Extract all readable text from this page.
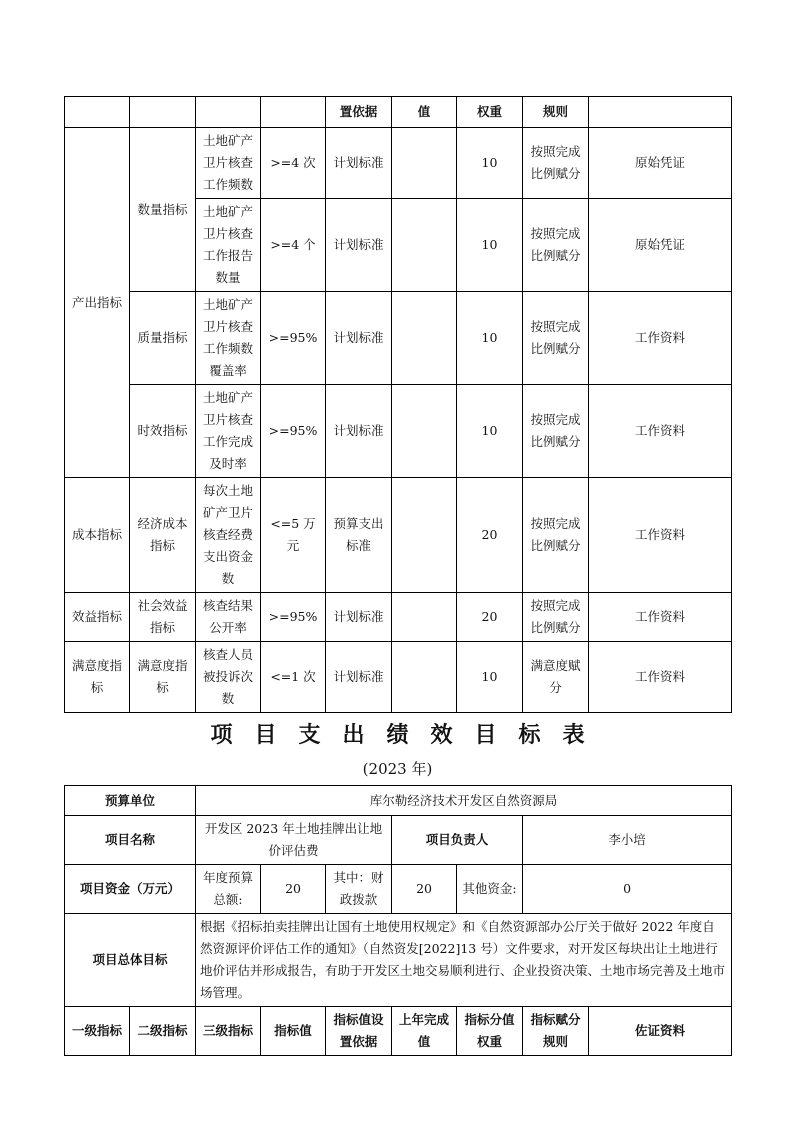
				置依据	值	权重	规则	
产出指标	数量指标	土地矿产卫片核查工作频数	>=4 次	计划标准		10	按照完成比例赋分	原始凭证
		土地矿产卫片核查工作报告数量	>=4 个	计划标准		10	按照完成比例赋分	原始凭证
	质量指标	土地矿产卫片核查工作频数覆盖率	>=95%	计划标准		10	按照完成比例赋分	工作资料
	时效指标	土地矿产卫片核查工作完成及时率	>=95%	计划标准		10	按照完成比例赋分	工作资料
成本指标	经济成本指标	每次土地矿产卫片核查经费支出资金数	<=5 万元	预算支出标准		20	按照完成比例赋分	工作资料
效益指标	社会效益指标	核查结果公开率	>=95%	计划标准		20	按照完成比例赋分	工作资料
满意度指标	满意度指标	核查人员被投诉次数	<=1 次	计划标准		10	满意度赋分	工作资料
项目支出绩效目标表

(2023 年)

预算单位		库尔勒经济技术开发区自然资源局						
项目名称		开发区 2023 年土地挂牌出让地价评估费			项目负责人		李小培	
项目资金（万元）		年度预算总额:	20	其中：财政拨款	20	其他资金:	0	
项目总体目标		根据《招标拍卖挂牌出让国有土地使用权规定》和《自然资源部办公厅关于做好 2022 年度自然资源评价评估工作的通知》（自然资发[2022]13 号）文件要求，对开发区每块出让土地进行地价评估并形成报告，有助于开发区土地交易顺利进行、企业投资决策、土地市场完善及土地市场管理。						
一级指标	二级指标	三级指标	指标值	指标值设置依据	上年完成值	指标分值权重	指标赋分规则	佐证资料
